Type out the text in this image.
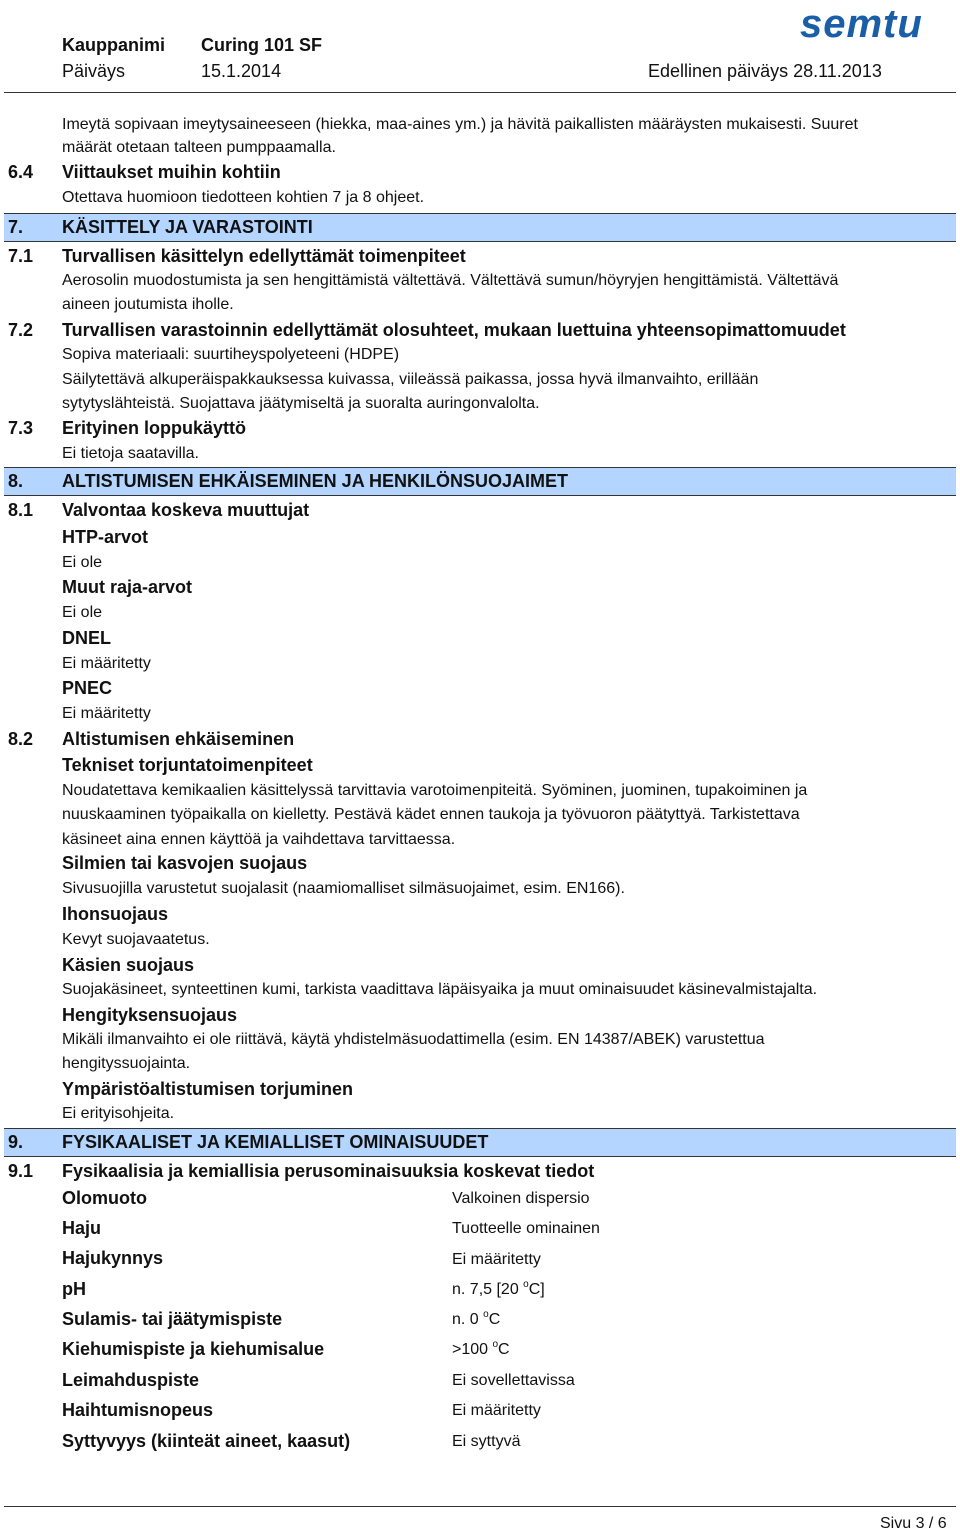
Kauppanimi Curing 101 SF
Päiväys	15.1.2014	Edellinen päiväys 28.11.2013
semtu
Imeytä sopivaan imeytysaineeseen (hiekka, maa-aines ym.) ja hävitä paikallisten määräysten mukaisesti. Suuret
määrät otetaan talteen pumppaamalla.
6.4 Viittaukset muihin kohtiin
Otettava huomioon tiedotteen kohtien 7 ja 8 ohjeet.
7. KÄSITTELY JA VARASTOINTI
7.1 Turvallisen käsittelyn edellyttämät toimenpiteet
Aerosolin muodostumista ja sen hengittämistä vältettävä. Vältettävä sumun/höyryjen hengittämistä. Vältettävä
aineen joutumista iholle.
7.2 Turvallisen varastoinnin edellyttämät olosuhteet, mukaan luettuina yhteensopimattomuudet
Sopiva materiaali: suurtiheyspolyeteeni (HDPE)
Säilytettävä alkuperäispakkauksessa kuivassa, viileässä paikassa, jossa hyvä ilmanvaihto, erillään
sytytyslähteistä. Suojattava jäätymiseltä ja suoralta auringonvalolta.
7.3 Erityinen loppukäyttö
Ei tietoja saatavilla.
8. ALTISTUMISEN EHKÄISEMINEN JA HENKILÖNSUOJAIMET
8.1 Valvontaa koskeva muuttujat
HTP-arvot
Ei ole
Muut raja-arvot
Ei ole
DNEL
Ei määritetty
PNEC
Ei määritetty
8.2 Altistumisen ehkäiseminen
Tekniset torjuntatoimenpiteet
Noudatettava kemikaalien käsittelyssä tarvittavia varotoimenpiteitä. Syöminen, juominen, tupakoiminen ja
nuuskaaminen työpaikalla on kielletty. Pestävä kädet ennen taukoja ja työvuoron päätyttyä. Tarkistettava
käsineet aina ennen käyttöä ja vaihdettava tarvittaessa.
Silmien tai kasvojen suojaus
Sivusuojilla varustetut suojalasit (naamiomalliset silmäsuojaimet, esim. EN166).
Ihonsuojaus
Kevyt suojavaatetus.
Käsien suojaus
Suojakäsineet, synteettinen kumi, tarkista vaadittava läpäisyaika ja muut ominaisuudet käsinevalmistajalta.
Hengityksensuojaus
Mikäli ilmanvaihto ei ole riittävä, käytä yhdistelmäsuodattimella (esim. EN 14387/ABEK) varustettua
hengityssuojainta.
Ympäristöaltistumisen torjuminen
Ei erityisohjeita.
9. FYSIKAALISET JA KEMIALLISET OMINAISUUDET
9.1 Fysikaalisia ja kemiallisia perusominaisuuksia koskevat tiedot
Olomuoto	Valkoinen dispersio
Haju	Tuotteelle ominainen
Hajukynnys	Ei määritetty
pH	n. 7,5 [20 $^o$C]
Sulamis- tai jäätymispiste	n. 0 $^o$C
Kiehumispiste ja kiehumisalue	>100 $^o$C
Leimahduspiste	Ei sovellettavissa
Haihtumisnopeus	Ei määritetty
Syttyvyys (kiinteät aineet, kaasut)	Ei syttyvä
Sivu 3 / 6
